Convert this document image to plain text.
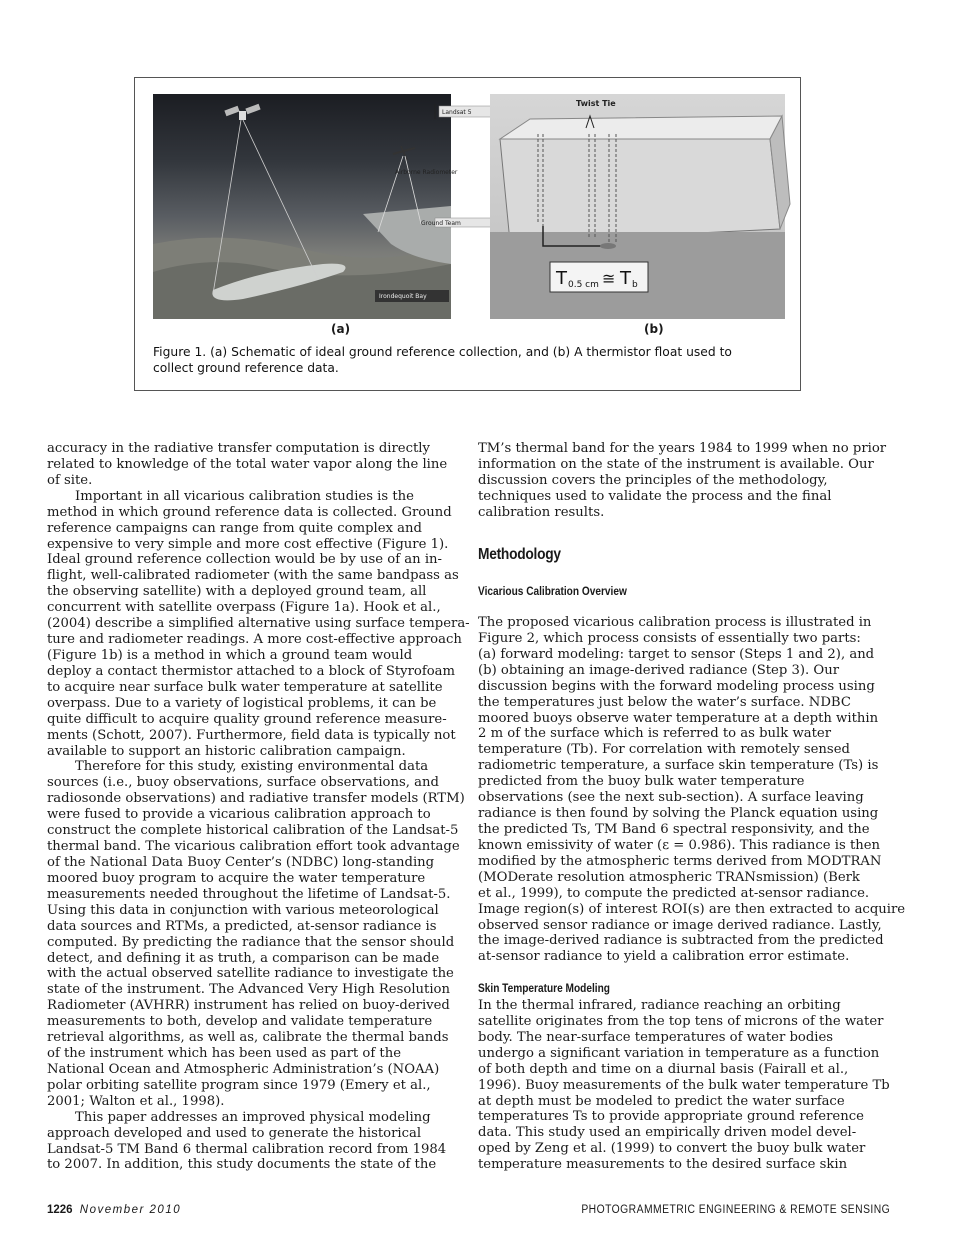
Landsat 5
Ground Team
Irondequoit Bay
Airborne Radiometer
Twist Tie
T 0.5 cm ≅ T b
(a)	(b)
Figure 1. (a) Schematic of ideal ground reference collection, and (b) A thermistor float used to
collect ground reference data.
accuracy in the radiative transfer computation is directly
related to knowledge of the total water vapor along the line
of site.
Important in all vicarious calibration studies is the
method in which ground reference data is collected. Ground
reference campaigns can range from quite complex and
expensive to very simple and more cost effective (Figure 1).
Ideal ground reference collection would be by use of an in-
flight, well-calibrated radiometer (with the same bandpass as
the observing satellite) with a deployed ground team, all
concurrent with satellite overpass (Figure 1a). Hook et al.,
(2004) describe a simplified alternative using surface tempera-
ture and radiometer readings. A more cost-effective approach
(Figure 1b) is a method in which a ground team would
deploy a contact thermistor attached to a block of Styrofoam
to acquire near surface bulk water temperature at satellite
overpass. Due to a variety of logistical problems, it can be
quite difficult to acquire quality ground reference measure-
ments (Schott, 2007). Furthermore, field data is typically not
available to support an historic calibration campaign.
Therefore for this study, existing environmental data
sources (i.e., buoy observations, surface observations, and
radiosonde observations) and radiative transfer models (RTM)
were fused to provide a vicarious calibration approach to
construct the complete historical calibration of the Landsat-5
thermal band. The vicarious calibration effort took advantage
of the National Data Buoy Center’s (NDBC) long-standing
moored buoy program to acquire the water temperature
measurements needed throughout the lifetime of Landsat-5.
Using this data in conjunction with various meteorological
data sources and RTMs, a predicted, at-sensor radiance is
computed. By predicting the radiance that the sensor should
detect, and defining it as truth, a comparison can be made
with the actual observed satellite radiance to investigate the
state of the instrument. The Advanced Very High Resolution
Radiometer (AVHRR) instrument has relied on buoy-derived
measurements to both, develop and validate temperature
retrieval algorithms, as well as, calibrate the thermal bands
of the instrument which has been used as part of the
National Ocean and Atmospheric Administration’s (NOAA)
polar orbiting satellite program since 1979 (Emery et al.,
2001; Walton et al., 1998).
This paper addresses an improved physical modeling
approach developed and used to generate the historical
Landsat-5 TM Band 6 thermal calibration record from 1984
to 2007. In addition, this study documents the state of the
TM’s thermal band for the years 1984 to 1999 when no prior
information on the state of the instrument is available. Our
discussion covers the principles of the methodology,
techniques used to validate the process and the final
calibration results.
Methodology
Vicarious Calibration Overview
The proposed vicarious calibration process is illustrated in
Figure 2, which process consists of essentially two parts:
(a) forward modeling: target to sensor (Steps 1 and 2), and
(b) obtaining an image-derived radiance (Step 3). Our
discussion begins with the forward modeling process using
the temperatures just below the water’s surface. NDBC
moored buoys observe water temperature at a depth within
2 m of the surface which is referred to as bulk water
temperature (Tb). For correlation with remotely sensed
radiometric temperature, a surface skin temperature (Ts) is
predicted from the buoy bulk water temperature
observations (see the next sub-section). A surface leaving
radiance is then found by solving the Planck equation using
the predicted Ts, TM Band 6 spectral responsivity, and the
known emissivity of water (ε = 0.986). This radiance is then
modified by the atmospheric terms derived from MODTRAN
(MODerate resolution atmospheric TRANsmission) (Berk
et al., 1999), to compute the predicted at-sensor radiance.
Image region(s) of interest ROI(s) are then extracted to acquire
observed sensor radiance or image derived radiance. Lastly,
the image-derived radiance is subtracted from the predicted
at-sensor radiance to yield a calibration error estimate.
Skin Temperature Modeling
In the thermal infrared, radiance reaching an orbiting
satellite originates from the top tens of microns of the water
body. The near-surface temperatures of water bodies
undergo a significant variation in temperature as a function
of both depth and time on a diurnal basis (Fairall et al.,
1996). Buoy measurements of the bulk water temperature Tb
at depth must be modeled to predict the water surface
temperatures Ts to provide appropriate ground reference
data. This study used an empirically driven model devel-
oped by Zeng et al. (1999) to convert the buoy bulk water
temperature measurements to the desired surface skin
1226 November 2010	PHOTOGRAMMETRIC ENGINEERING & REMOTE SENSING
